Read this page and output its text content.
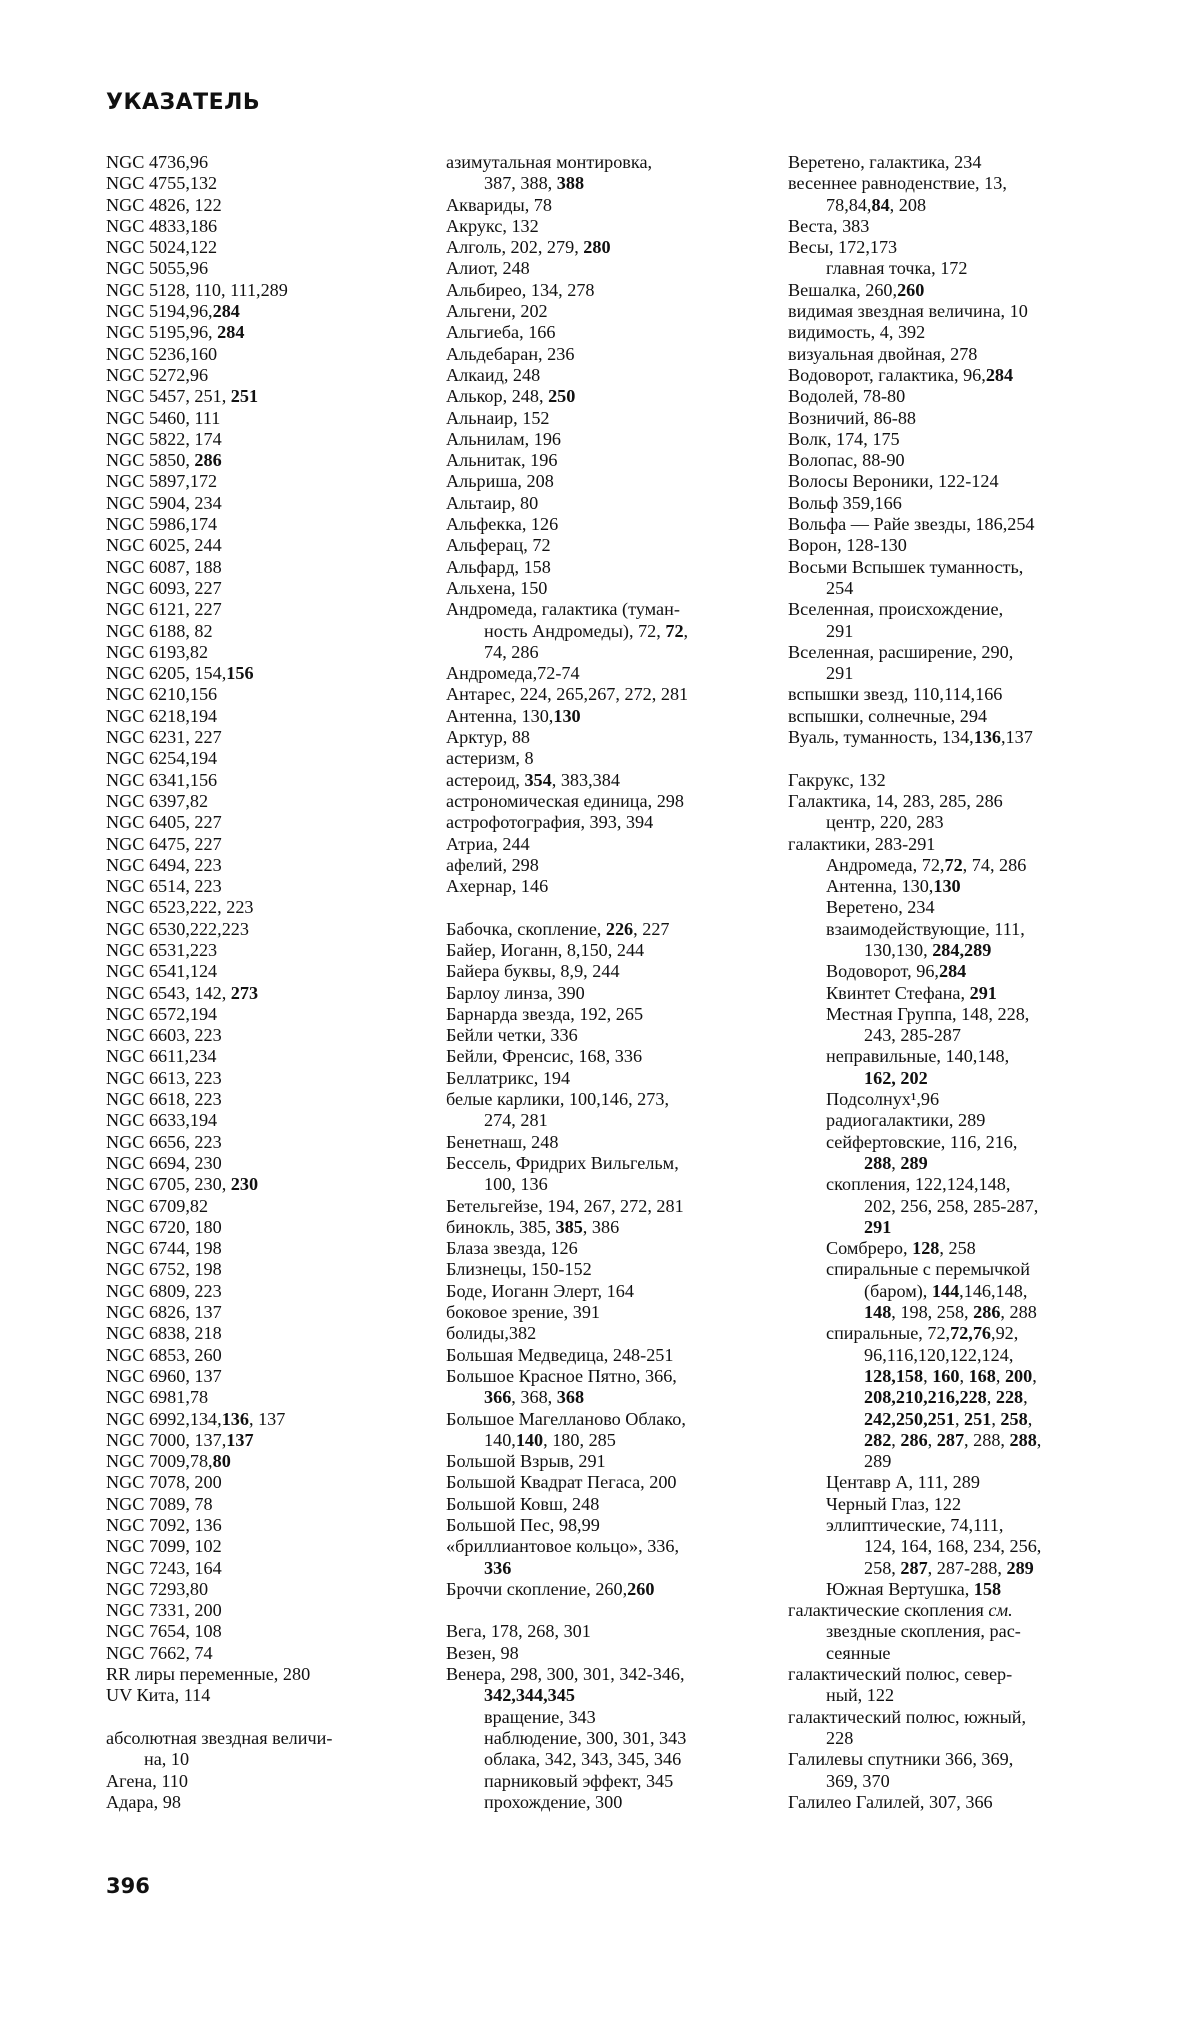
УКАЗАТЕЛЬ
NGC 4736,96
NGC 4755,132
NGC 4826, 122
NGC 4833,186
NGC 5024,122
NGC 5055,96
NGC 5128, 110, 111,289
NGC 5194,96,284
NGC 5195,96, 284
NGC 5236,160
NGC 5272,96
NGC 5457, 251, 251
NGC 5460, 111
NGC 5822, 174
NGC 5850, 286
NGC 5897,172
NGC 5904, 234
NGC 5986,174
NGC 6025, 244
NGC 6087, 188
NGC 6093, 227
NGC 6121, 227
NGC 6188, 82
NGC 6193,82
NGC 6205, 154,156
NGC 6210,156
NGC 6218,194
NGC 6231, 227
NGC 6254,194
NGC 6341,156
NGC 6397,82
NGC 6405, 227
NGC 6475, 227
NGC 6494, 223
NGC 6514, 223
NGC 6523,222, 223
NGC 6530,222,223
NGC 6531,223
NGC 6541,124
NGC 6543, 142, 273
NGC 6572,194
NGC 6603, 223
NGC 6611,234
NGC 6613, 223
NGC 6618, 223
NGC 6633,194
NGC 6656, 223
NGC 6694, 230
NGC 6705, 230, 230
NGC 6709,82
NGC 6720, 180
NGC 6744, 198
NGC 6752, 198
NGC 6809, 223
NGC 6826, 137
NGC 6838, 218
NGC 6853, 260
NGC 6960, 137
NGC 6981,78
NGC 6992,134,136, 137
NGC 7000, 137,137
NGC 7009,78,80
NGC 7078, 200
NGC 7089, 78
NGC 7092, 136
NGC 7099, 102
NGC 7243, 164
NGC 7293,80
NGC 7331, 200
NGC 7654, 108
NGC 7662, 74
RR лиры переменные, 280
UV Кита, 114
абсолютная звездная величи-
на, 10
Агена, 110
Адара, 98
азимутальная монтировка,
387, 388, 388
Аквариды, 78
Акрукс, 132
Алголь, 202, 279, 280
Алиот, 248
Альбирео, 134, 278
Альгени, 202
Альгиеба, 166
Альдебаран, 236
Алкаид, 248
Алькор, 248, 250
Альнаир, 152
Альнилам, 196
Альнитак, 196
Альриша, 208
Альтаир, 80
Альфекка, 126
Альферац, 72
Альфард, 158
Альхена, 150
Андромеда, галактика (туман-
ность Андромеды), 72, 72,
74, 286
Андромеда,72-74
Антарес, 224, 265,267, 272, 281
Антенна, 130,130
Арктур, 88
астеризм, 8
астероид, 354, 383,384
астрономическая единица, 298
астрофотография, 393, 394
Атриа, 244
афелий, 298
Ахернар, 146
Бабочка, скопление, 226, 227
Байер, Иоганн, 8,150, 244
Байера буквы, 8,9, 244
Барлоу линза, 390
Барнарда звезда, 192, 265
Бейли четки, 336
Бейли, Френсис, 168, 336
Беллатрикс, 194
белые карлики, 100,146, 273,
274, 281
Бенетнаш, 248
Бессель, Фридрих Вильгельм,
100, 136
Бетельгейзе, 194, 267, 272, 281
бинокль, 385, 385, 386
Блаза звезда, 126
Близнецы, 150-152
Боде, Иоганн Элерт, 164
боковое зрение, 391
болиды,382
Большая Медведица, 248-251
Большое Красное Пятно, 366,
366, 368, 368
Большое Магелланово Облако,
140,140, 180, 285
Большой Взрыв, 291
Большой Квадрат Пегаса, 200
Большой Ковш, 248
Большой Пес, 98,99
«бриллиантовое кольцо», 336,
336
Броччи скопление, 260,260
Вега, 178, 268, 301
Везен, 98
Венера, 298, 300, 301, 342-346,
342,344,345
вращение, 343
наблюдение, 300, 301, 343
облака, 342, 343, 345, 346
парниковый эффект, 345
прохождение, 300
Веретено, галактика, 234
весеннее равноденствие, 13,
78,84,84, 208
Веста, 383
Весы, 172,173
главная точка, 172
Вешалка, 260,260
видимая звездная величина, 10
видимость, 4, 392
визуальная двойная, 278
Водоворот, галактика, 96,284
Водолей, 78-80
Возничий, 86-88
Волк, 174, 175
Волопас, 88-90
Волосы Вероники, 122-124
Вольф 359,166
Вольфа — Райе звезды, 186,254
Ворон, 128-130
Восьми Вспышек туманность,
254
Вселенная, происхождение,
291
Вселенная, расширение, 290,
291
вспышки звезд, 110,114,166
вспышки, солнечные, 294
Вуаль, туманность, 134,136,137
Гакрукс, 132
Галактика, 14, 283, 285, 286
центр, 220, 283
галактики, 283-291
Андромеда, 72,72, 74, 286
Антенна, 130,130
Веретено, 234
взаимодействующие, 111,
130,130, 284,289
Водоворот, 96,284
Квинтет Стефана, 291
Местная Группа, 148, 228,
243, 285-287
неправильные, 140,148,
162, 202
Подсолнух¹,96
радиогалактики, 289
сейфертовские, 116, 216,
288, 289
скопления, 122,124,148,
202, 256, 258, 285-287,
291
Сомбреро, 128, 258
спиральные с перемычкой
(баром), 144,146,148,
148, 198, 258, 286, 288
спиральные, 72,72,76,92,
96,116,120,122,124,
128,158, 160, 168, 200,
208,210,216,228, 228,
242,250,251, 251, 258,
282, 286, 287, 288, 288,
289
Центавр А, 111, 289
Черный Глаз, 122
эллиптические, 74,111,
124, 164, 168, 234, 256,
258, 287, 287-288, 289
Южная Вертушка, 158
галактические скопления см.
звездные скопления, рас-
сеянные
галактический полюс, север-
ный, 122
галактический полюс, южный,
228
Галилевы спутники 366, 369,
369, 370
Галилео Галилей, 307, 366
396
